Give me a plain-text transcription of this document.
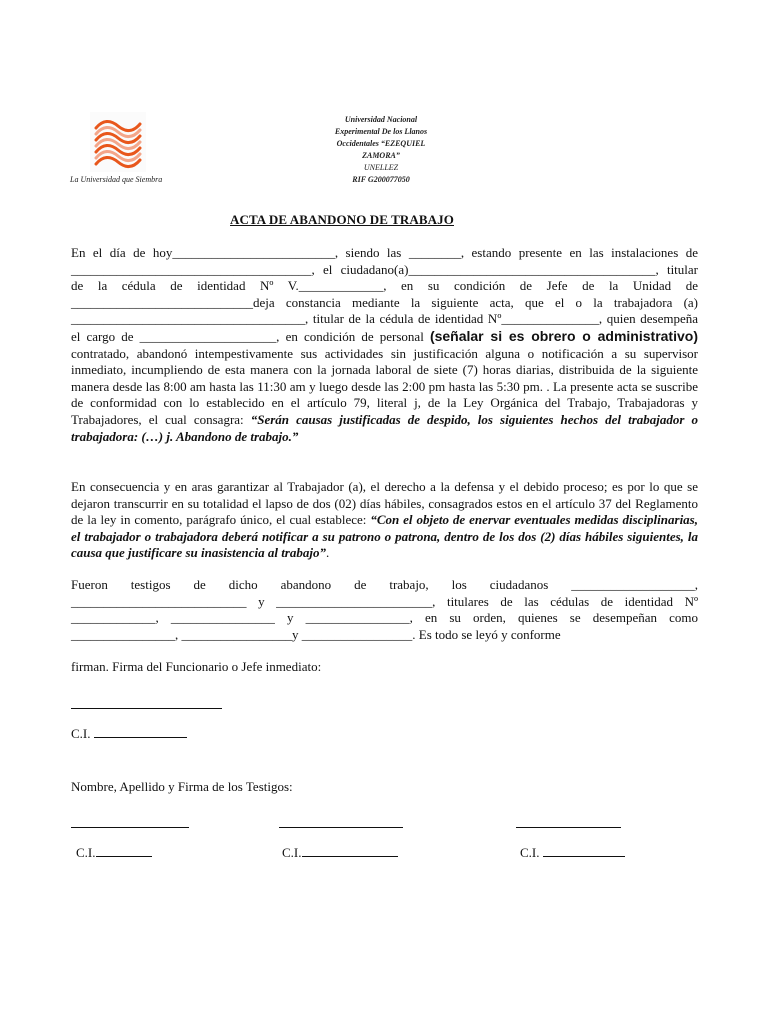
La Universidad que Siembra
Universidad Nacional
Experimental De los Llanos
Occidentales “EZEQUIEL
ZAMORA”
UNELLEZ
RIF G200077050
ACTA DE ABANDONO DE TRABAJO
En el día de hoy_________________________, siendo las ________, estando presente en las instalaciones de _____________________________________, el ciudadano(a)______________________________________, titular de la cédula de identidad Nº V._____________, en su condición de Jefe de la Unidad de ____________________________deja constancia mediante la siguiente acta, que el o la trabajadora (a) ____________________________________, titular de la cédula de identidad Nº_______________, quien desempeña el cargo de _____________________, en condición de personal (señalar si es obrero o administrativo) contratado, abandonó intempestivamente sus actividades sin justificación alguna o notificación a su supervisor inmediato, incumpliendo de esta manera con la jornada laboral de siete (7) horas diarias, distribuida de la siguiente manera desde las 8:00 am hasta las 11:30 am y luego desde las 2:00 pm hasta las 5:30 pm. . La presente acta se suscribe de conformidad con lo establecido en el artículo 79, literal j, de la Ley Orgánica del Trabajo, Trabajadoras y Trabajadores, el cual consagra: “Serán causas justificadas de despido, los siguientes hechos del trabajador o trabajadora: (…) j. Abandono de trabajo.”
En consecuencia y en aras garantizar al Trabajador (a), el derecho a la defensa y el debido proceso; es por lo que se dejaron transcurrir en su totalidad el lapso de dos (02) días hábiles, consagrados estos en el artículo 37 del Reglamento de la ley in comento, parágrafo único, el cual establece: “Con el objeto de enervar eventuales medidas disciplinarias, el trabajador o trabajadora deberá notificar a su patrono o patrona, dentro de los dos (2) días hábiles siguientes, la causa que justificare su inasistencia al trabajo”.
Fueron testigos de dicho abandono de trabajo, los ciudadanos ___________________, ___________________________ y ________________________, titulares de las cédulas de identidad Nº _____________, ________________ y ________________, en su orden, quienes se desempeñan como ________________, _________________y _________________. Es todo se leyó y conforme
firman. Firma del Funcionario o Jefe inmediato:
C.I.
Nombre, Apellido y Firma de los Testigos:
C.I.	C.I.	C.I.
